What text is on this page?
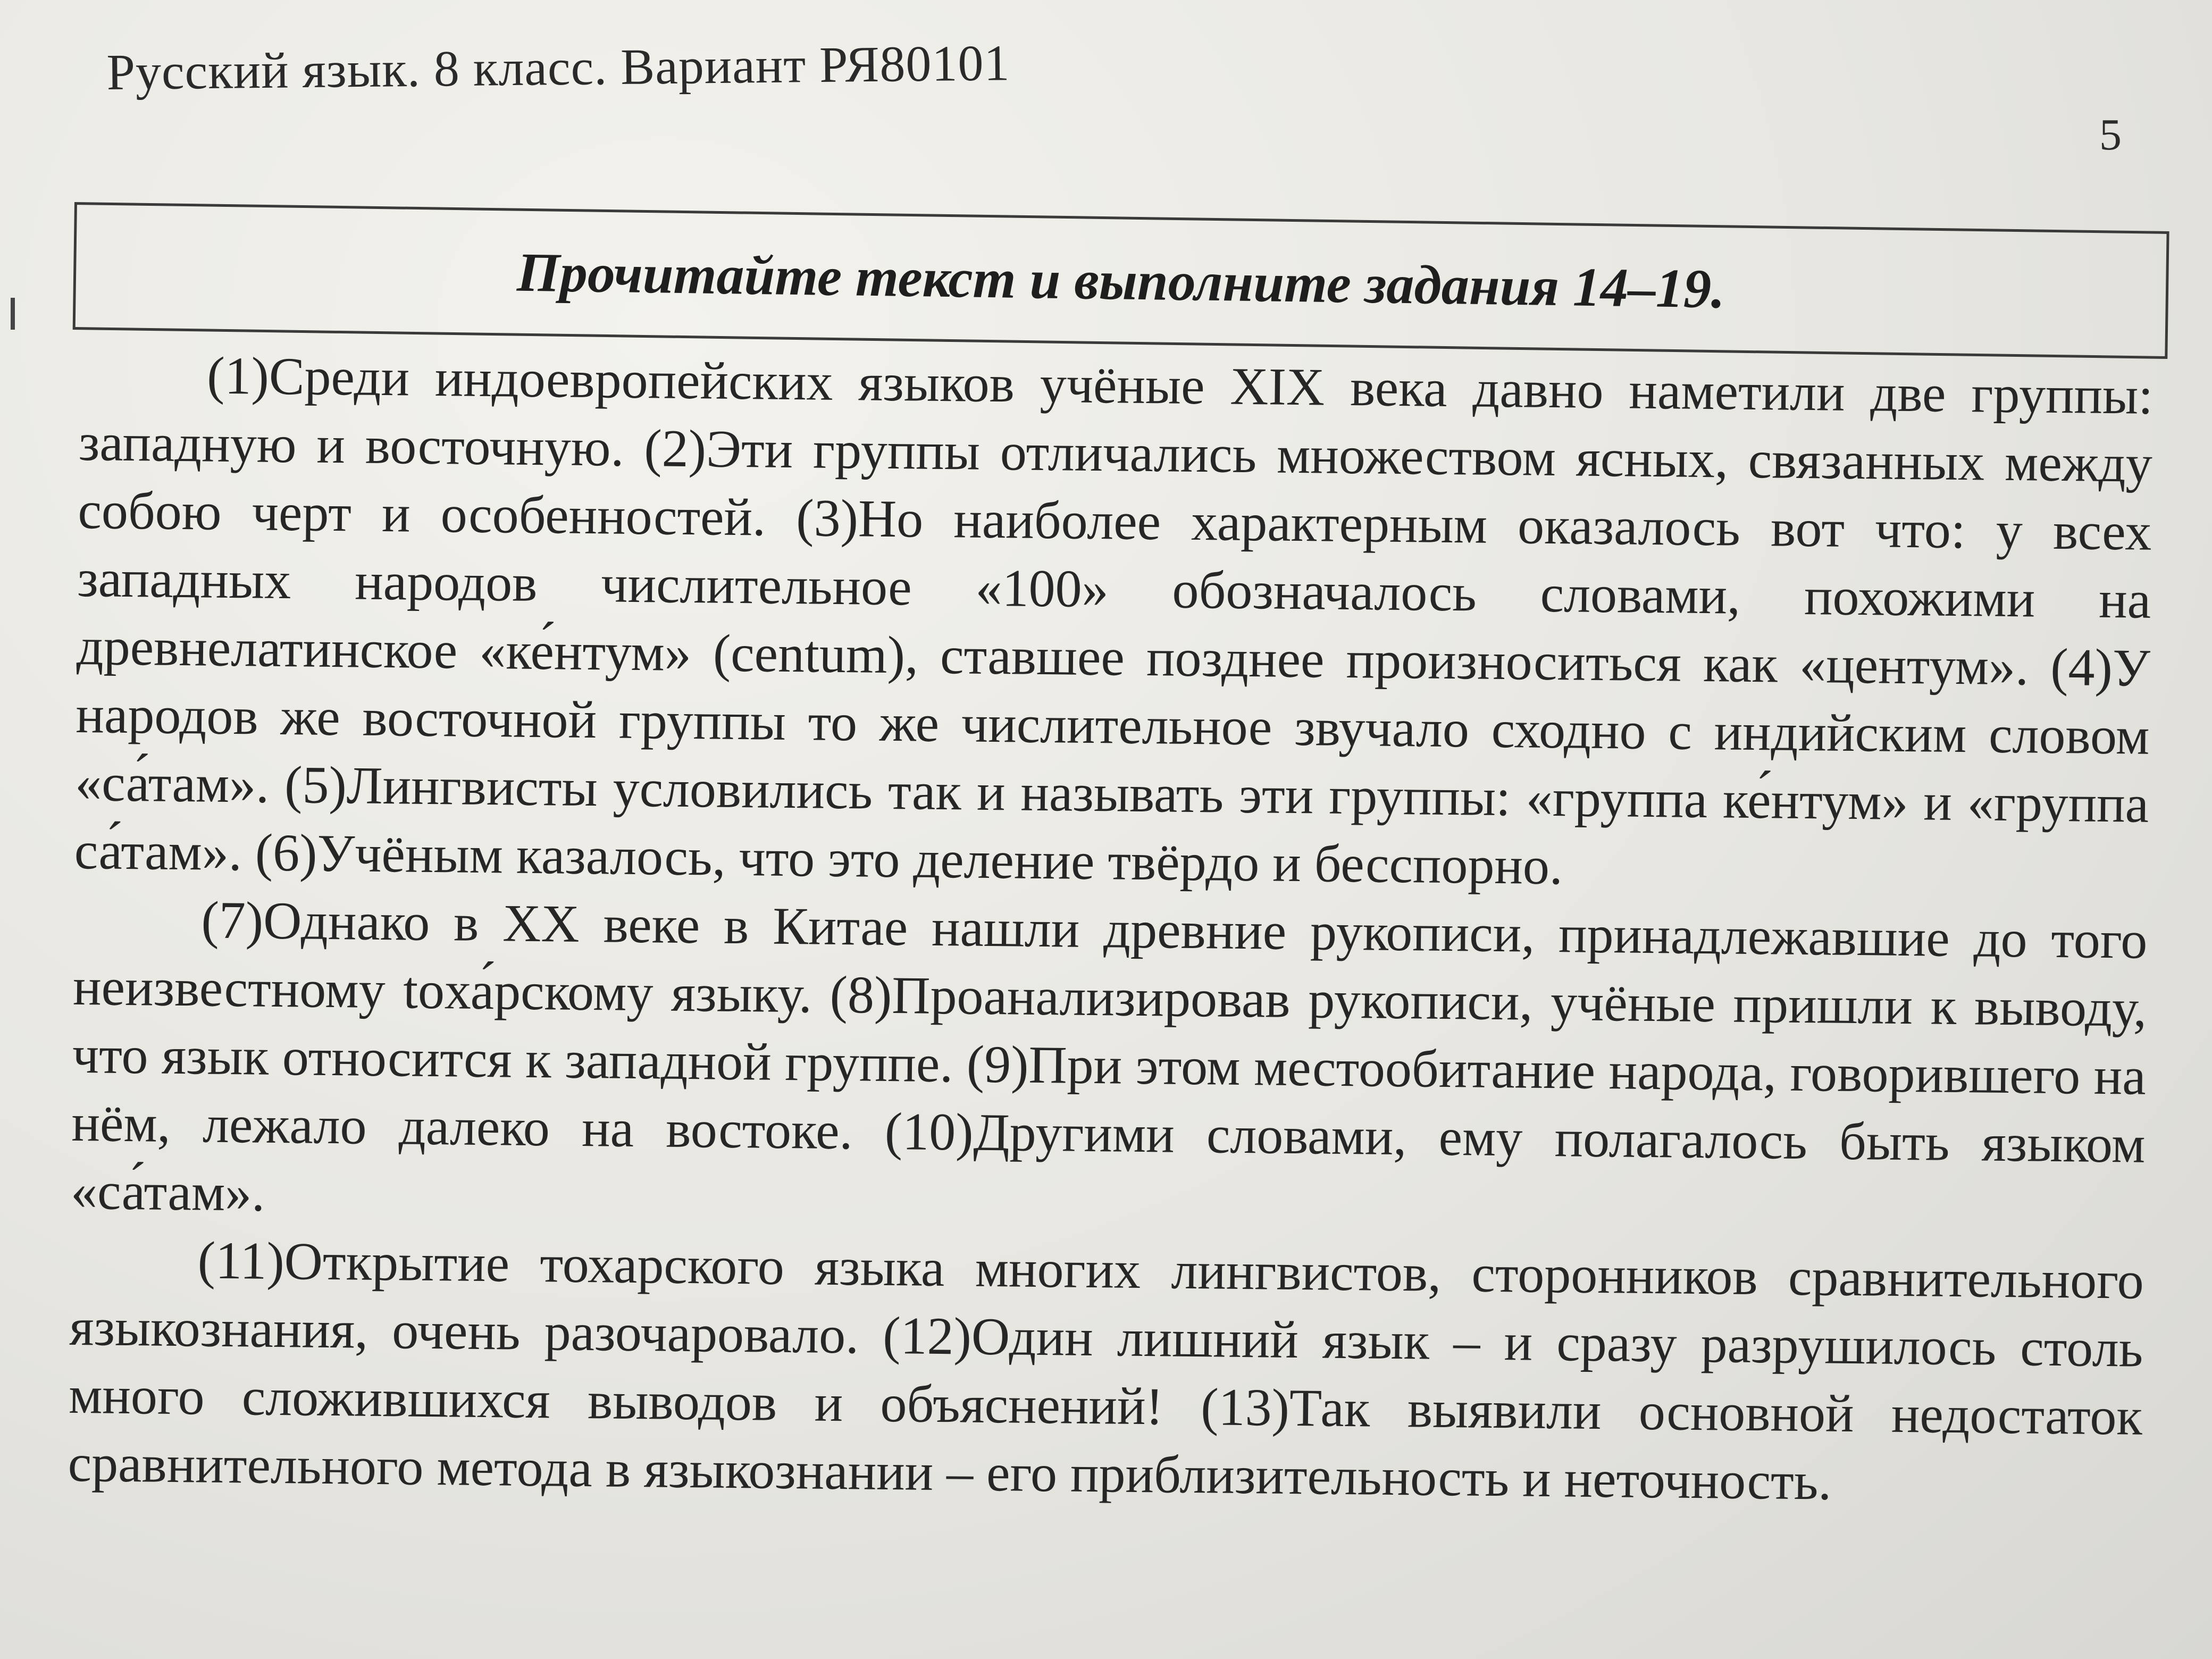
Русский язык. 8 класс. Вариант РЯ80101
5
Прочитайте текст и выполните задания 14–19.

(1)Среди индоевропейских языков учёные XIX века давно наметили две группы: западную и восточную. (2)Эти группы отличались множеством ясных, связанных между собою черт и особенностей. (3)Но наиболее характерным оказалось вот что: у всех западных народов числительное «100» обозначалось словами, похожими на древнелатинское «ке́нтум» (centum), ставшее позднее произноситься как «центум». (4)У народов же восточной группы то же числительное звучало сходно с индийским словом «са́там». (5)Лингвисты условились так и называть эти группы: «группа ке́нтум» и «группа са́там». (6)Учёным казалось, что это деление твёрдо и бесспорно.

(7)Однако в XX веке в Китае нашли древние рукописи, принадлежавшие до того неизвестному toха́рскому языку. (8)Проанализировав рукописи, учёные пришли к выводу, что язык относится к западной группе. (9)При этом местообитание народа, говорившего на нём, лежало далеко на востоке. (10)Другими словами, ему полагалось быть языком «са́там».

(11)Открытие тохарского языка многих лингвистов, сторонников сравнительного языкознания, очень разочаровало. (12)Один лишний язык – и сразу разрушилось столь много сложившихся выводов и объяснений! (13)Так выявили основной недостаток сравнительного метода в языкознании – его приблизительность и неточность.
